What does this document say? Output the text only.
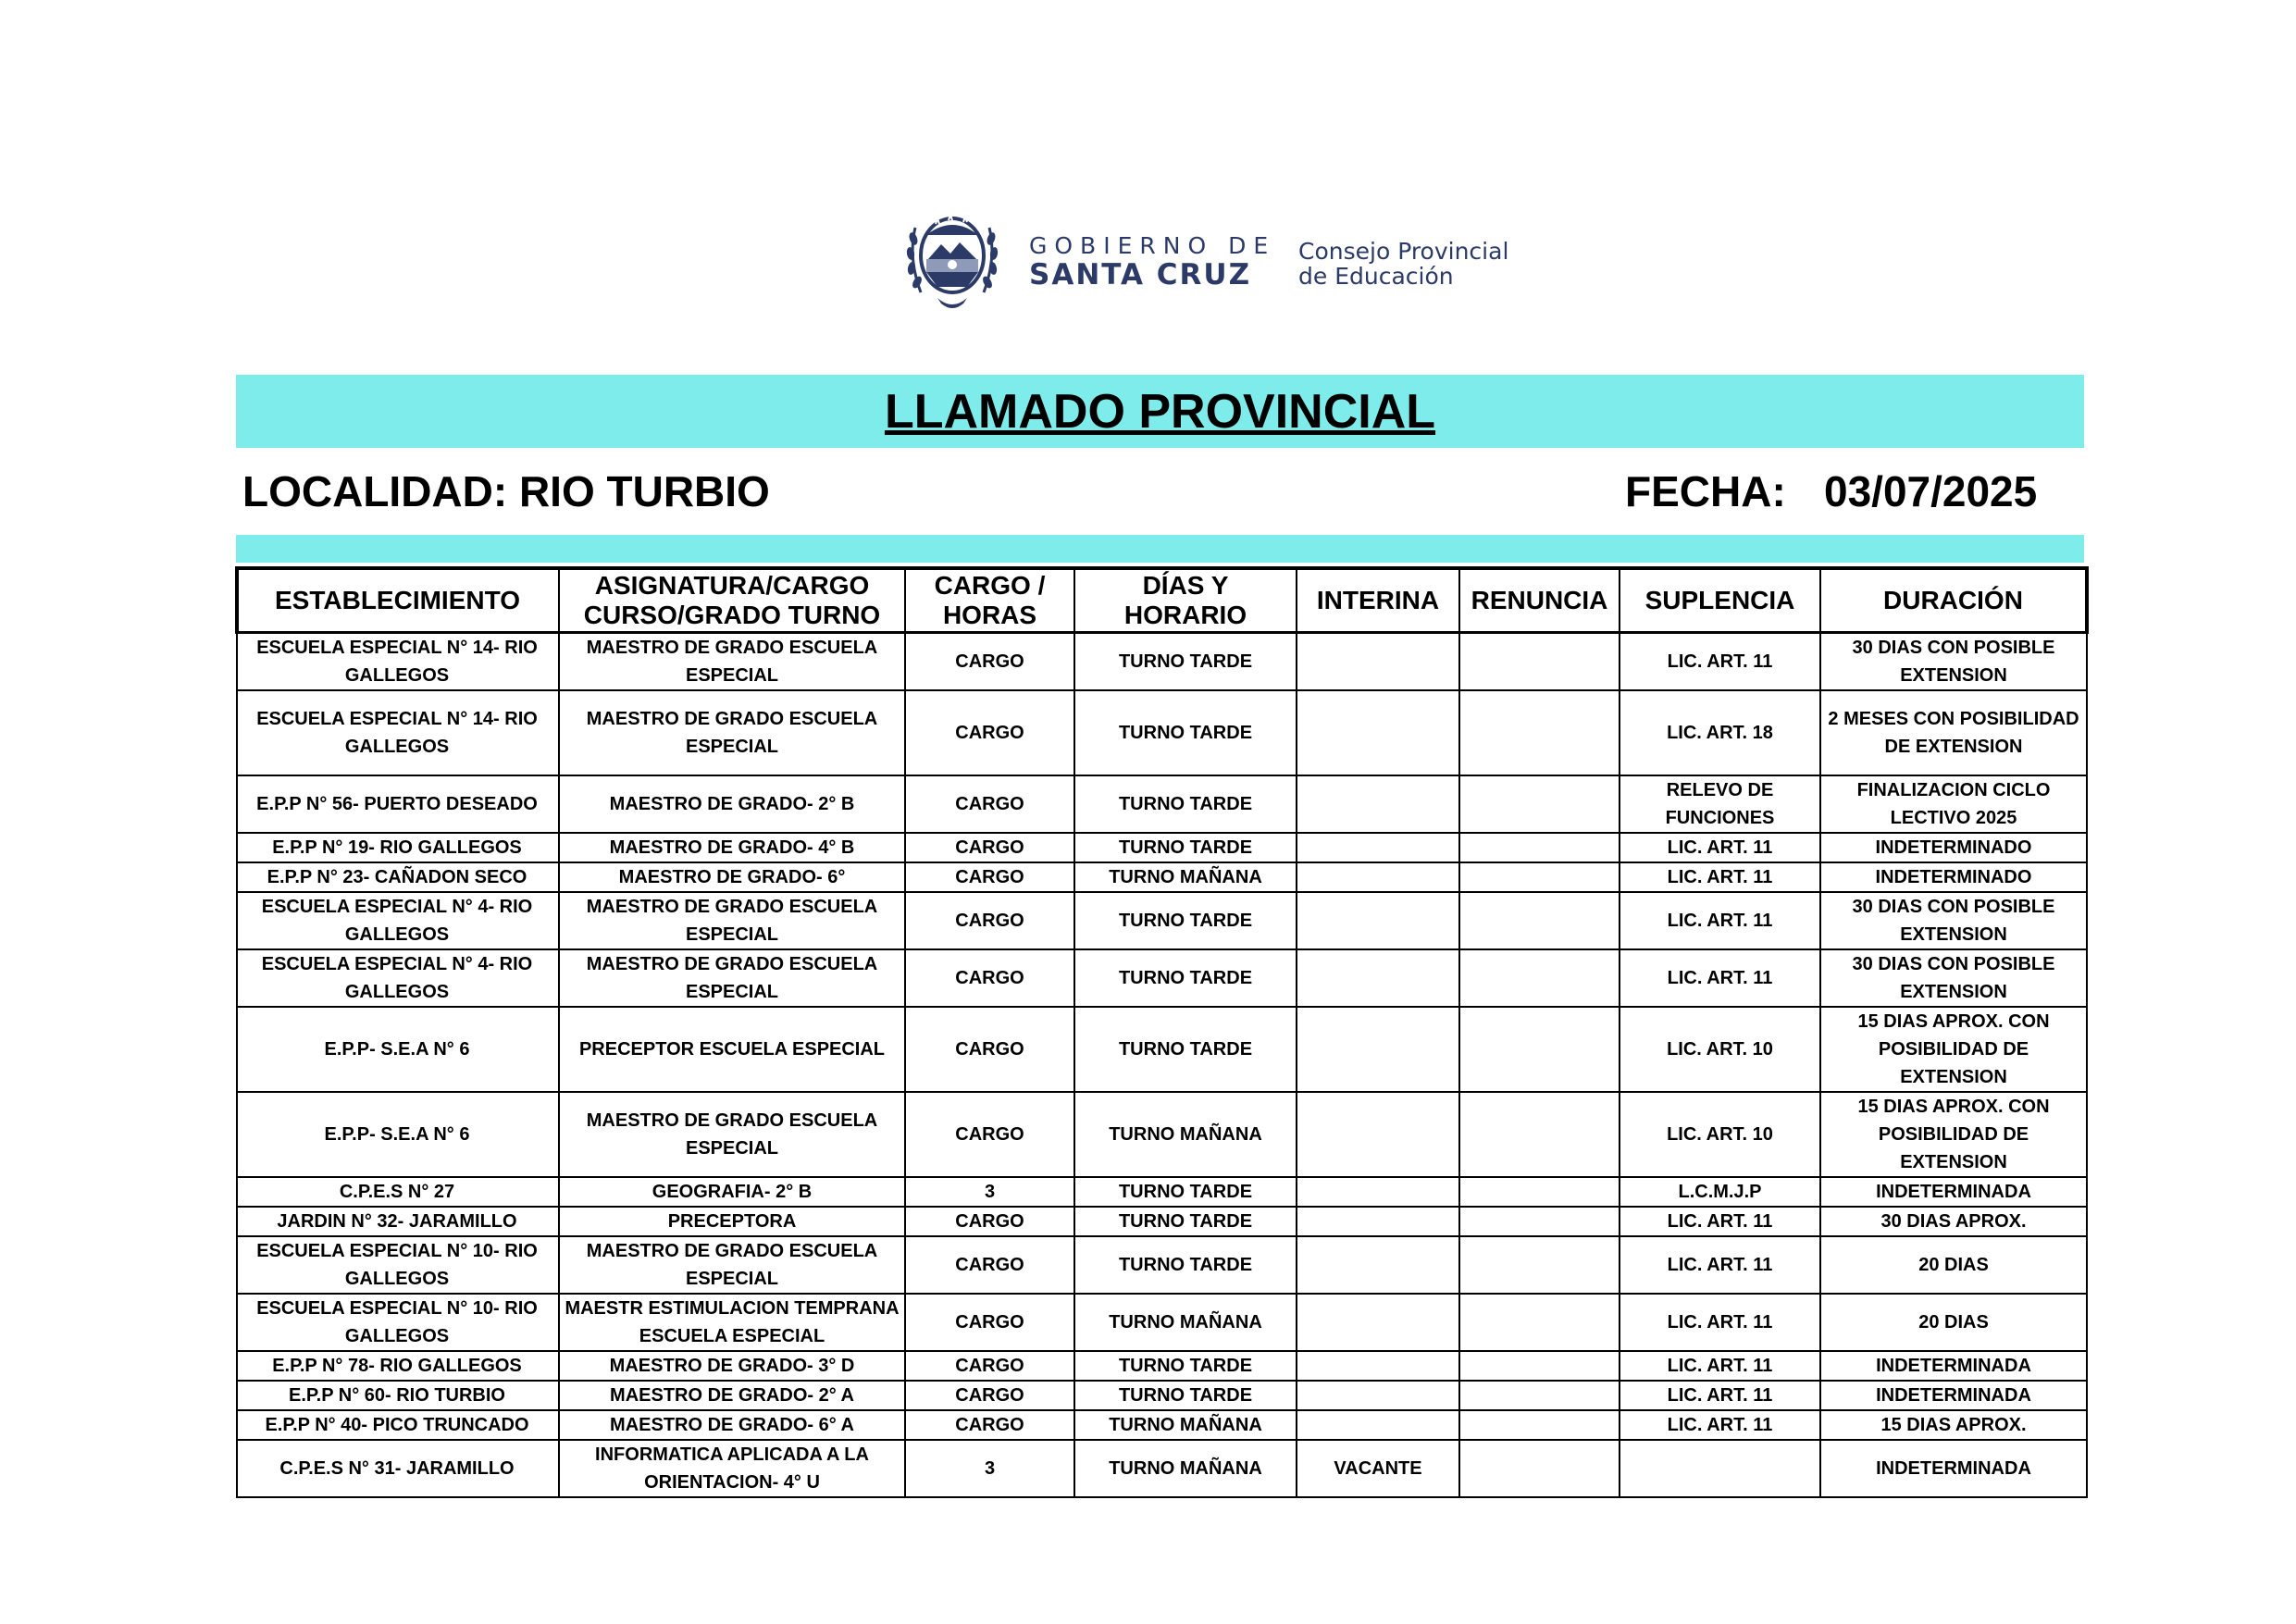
GOBIERNO DE
SANTA CRUZ
Consejo Provincial
de Educación
LLAMADO PROVINCIAL
LOCALIDAD: RIO TURBIO	FECHA: 03/07/2025
ESTABLECIMIENTO	ASIGNATURA/CARGO CURSO/GRADO TURNO	CARGO / HORAS	DÍAS Y HORARIO	INTERINA	RENUNCIA	SUPLENCIA	DURACIÓN
ESCUELA ESPECIAL N° 14- RIO GALLEGOS	MAESTRO DE GRADO ESCUELA ESPECIAL	CARGO	TURNO TARDE			LIC. ART. 11	30 DIAS CON POSIBLE EXTENSION
ESCUELA ESPECIAL N° 14- RIO GALLEGOS	MAESTRO DE GRADO ESCUELA ESPECIAL	CARGO	TURNO TARDE			LIC. ART. 18	2 MESES CON POSIBILIDAD DE EXTENSION
E.P.P N° 56- PUERTO DESEADO	MAESTRO DE GRADO- 2° B	CARGO	TURNO TARDE			RELEVO DE FUNCIONES	FINALIZACION CICLO LECTIVO 2025
E.P.P N° 19- RIO GALLEGOS	MAESTRO DE GRADO- 4° B	CARGO	TURNO TARDE			LIC. ART. 11	INDETERMINADO
E.P.P N° 23- CAÑADON SECO	MAESTRO DE GRADO- 6°	CARGO	TURNO MAÑANA			LIC. ART. 11	INDETERMINADO
ESCUELA ESPECIAL N° 4- RIO GALLEGOS	MAESTRO DE GRADO ESCUELA ESPECIAL	CARGO	TURNO TARDE			LIC. ART. 11	30 DIAS CON POSIBLE EXTENSION
ESCUELA ESPECIAL N° 4- RIO GALLEGOS	MAESTRO DE GRADO ESCUELA ESPECIAL	CARGO	TURNO TARDE			LIC. ART. 11	30 DIAS CON POSIBLE EXTENSION
E.P.P- S.E.A N° 6	PRECEPTOR ESCUELA ESPECIAL	CARGO	TURNO TARDE			LIC. ART. 10	15 DIAS APROX. CON POSIBILIDAD DE EXTENSION
E.P.P- S.E.A N° 6	MAESTRO DE GRADO ESCUELA ESPECIAL	CARGO	TURNO MAÑANA			LIC. ART. 10	15 DIAS APROX. CON POSIBILIDAD DE EXTENSION
C.P.E.S N° 27	GEOGRAFIA- 2° B	3	TURNO TARDE			L.C.M.J.P	INDETERMINADA
JARDIN N° 32- JARAMILLO	PRECEPTORA	CARGO	TURNO TARDE			LIC. ART. 11	30 DIAS APROX.
ESCUELA ESPECIAL N° 10- RIO GALLEGOS	MAESTRO DE GRADO ESCUELA ESPECIAL	CARGO	TURNO TARDE			LIC. ART. 11	20 DIAS
ESCUELA ESPECIAL N° 10- RIO GALLEGOS	MAESTR ESTIMULACION TEMPRANA ESCUELA ESPECIAL	CARGO	TURNO MAÑANA			LIC. ART. 11	20 DIAS
E.P.P N° 78- RIO GALLEGOS	MAESTRO DE GRADO- 3° D	CARGO	TURNO TARDE			LIC. ART. 11	INDETERMINADA
E.P.P N° 60- RIO TURBIO	MAESTRO DE GRADO- 2° A	CARGO	TURNO TARDE			LIC. ART. 11	INDETERMINADA
E.P.P N° 40- PICO TRUNCADO	MAESTRO DE GRADO- 6° A	CARGO	TURNO MAÑANA			LIC. ART. 11	15 DIAS APROX.
C.P.E.S N° 31- JARAMILLO	INFORMATICA APLICADA A LA ORIENTACION- 4° U	3	TURNO MAÑANA	VACANTE			INDETERMINADA
